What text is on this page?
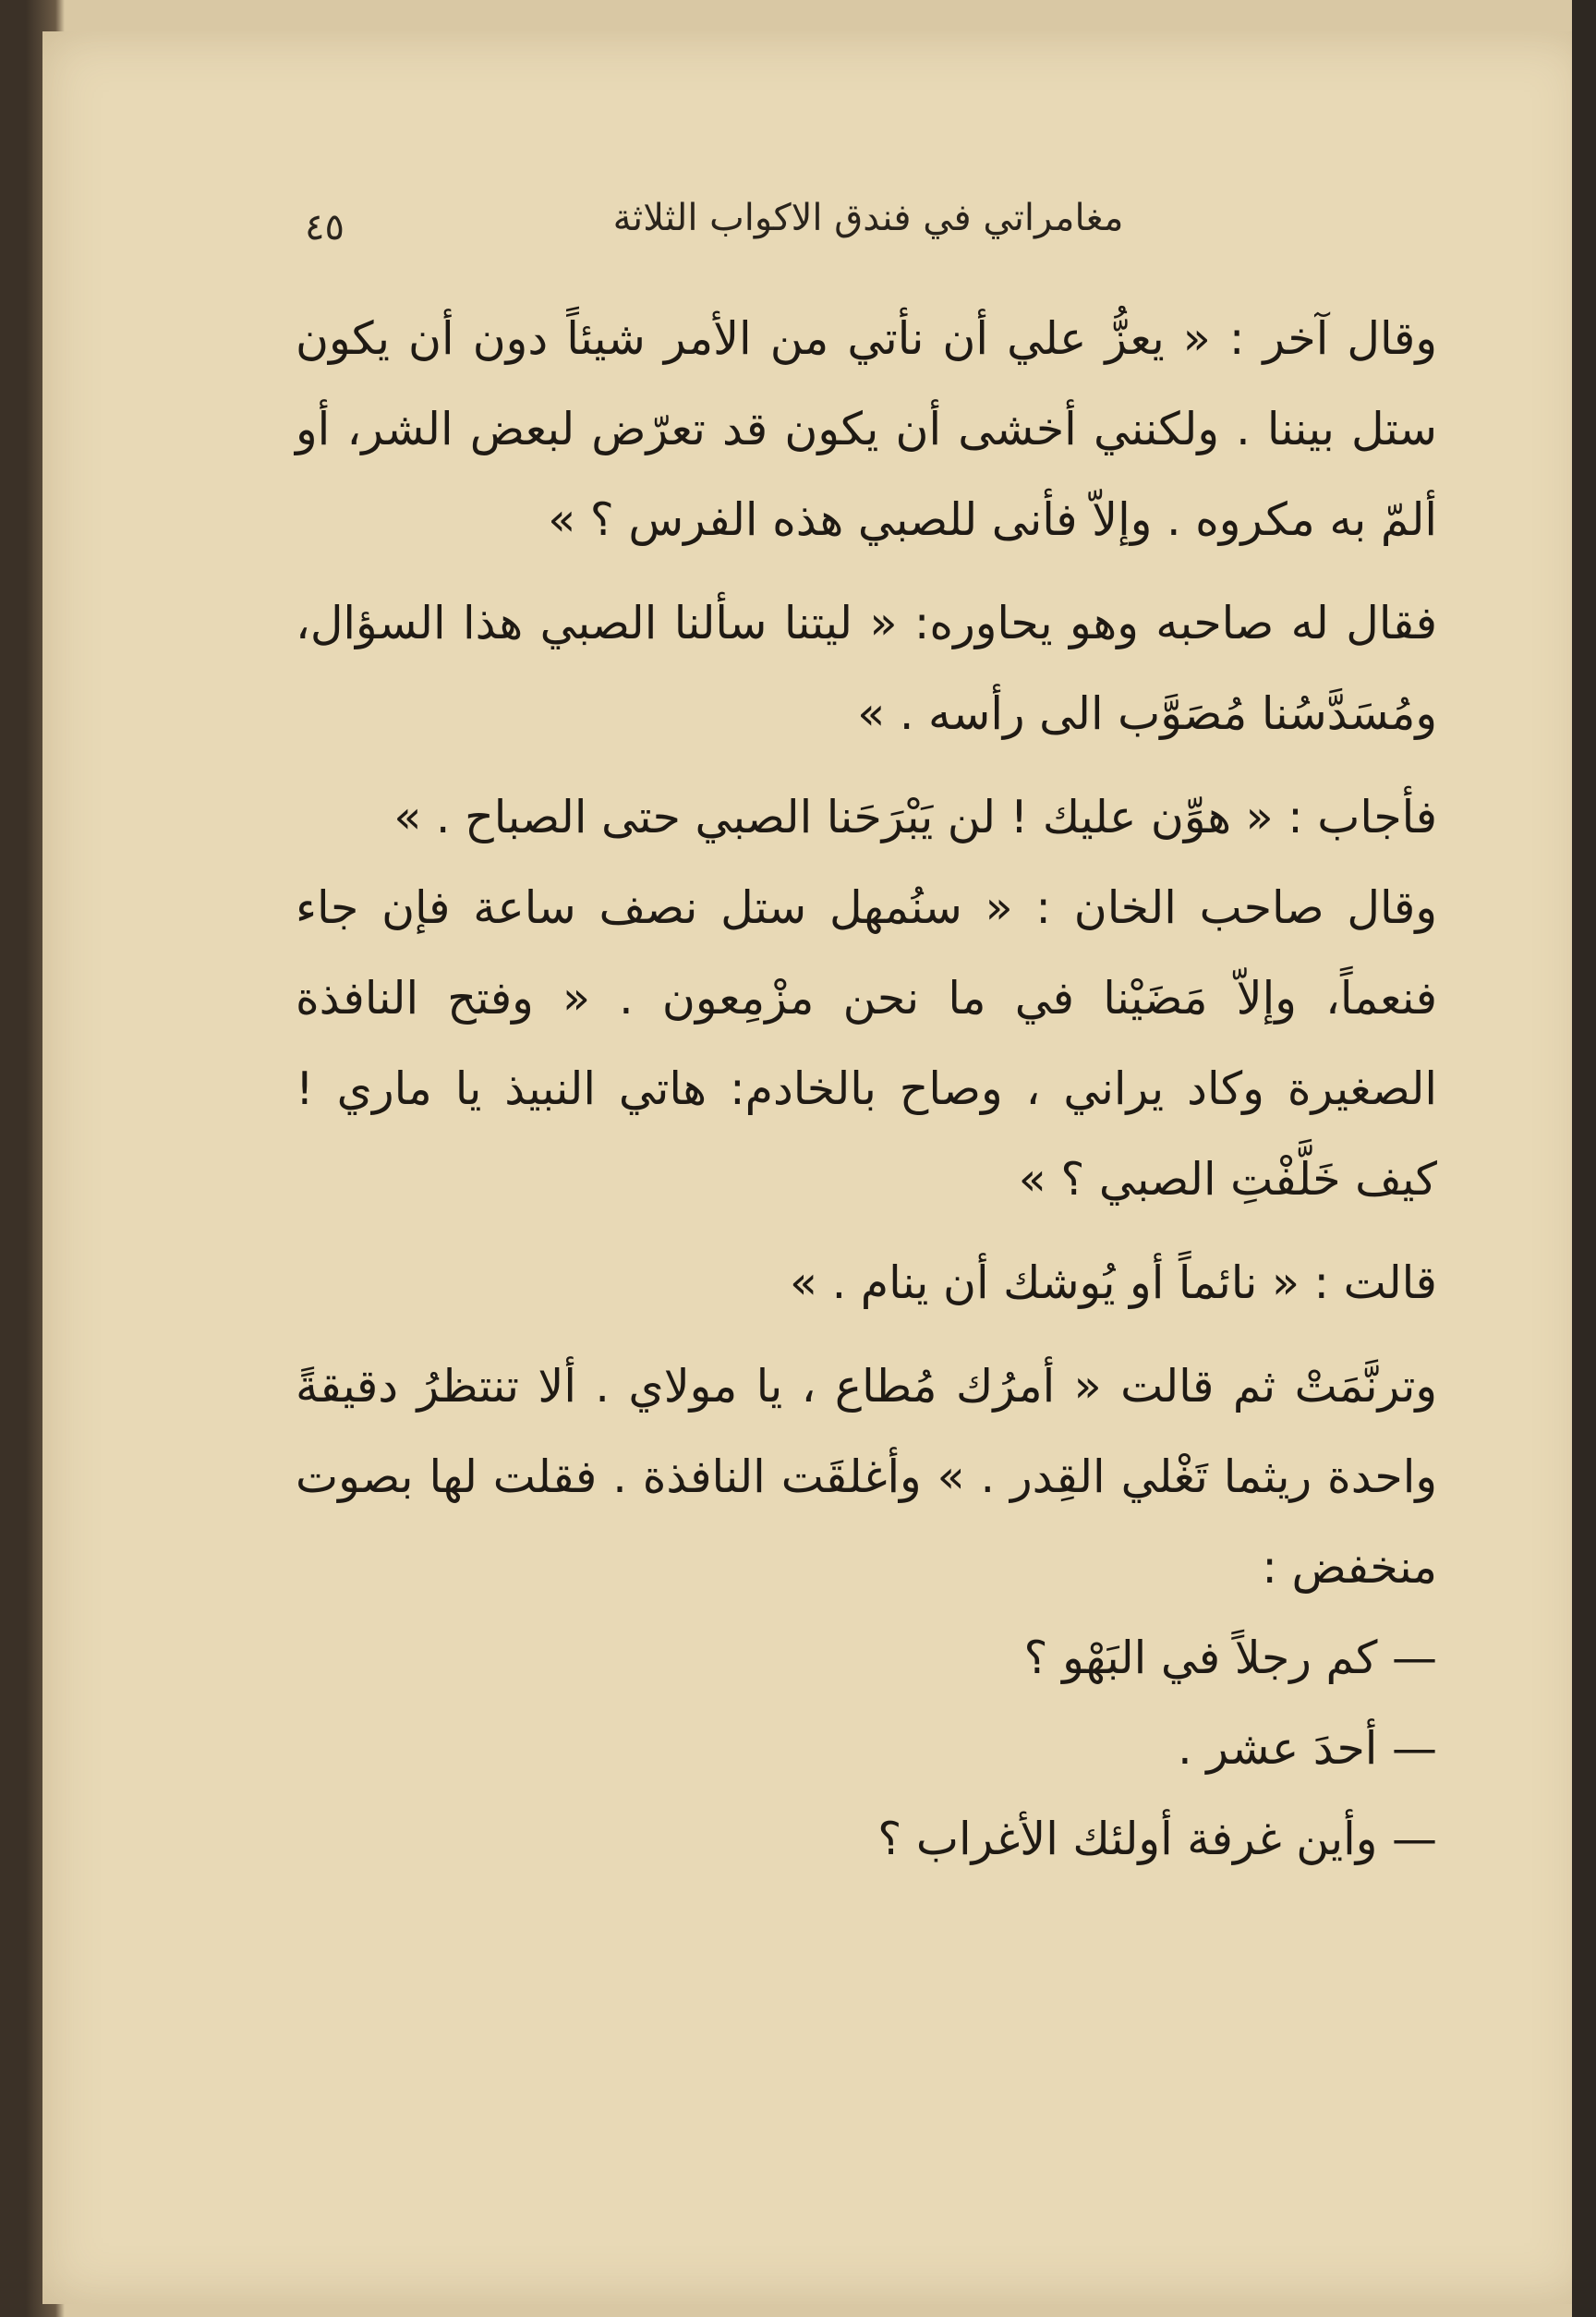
مغامراتي في فندق الاكواب الثلاثة
٤٥

وقال آخر : « يعزُّ علي أن نأتي من الأمر شيئاً دون أن يكون ستل بيننا . ولكنني أخشى أن يكون قد تعرّض لبعض الشر، أو ألمّ به مكروه . وإلاّ فأنى للصبي هذه الفرس ؟ »

فقال له صاحبه وهو يحاوره: « ليتنا سألنا الصبي هذا السؤال، ومُسَدَّسُنا مُصَوَّب الى رأسه . »

فأجاب : « هوِّن عليك ! لن يَبْرَحَنا الصبي حتى الصباح . »

وقال صاحب الخان : « سنُمهل ستل نصف ساعة فإن جاء فنعماً، وإلاّ مَضَيْنا في ما نحن مزْمِعون . « وفتح النافذة الصغيرة وكاد يراني ، وصاح بالخادم: هاتي النبيذ يا ماري ! كيف خَلَّفْتِ الصبي ؟ »

قالت : « نائماً أو يُوشك أن ينام . »

وترنَّمَتْ ثم قالت « أمرُك مُطاع ، يا مولاي . ألا تنتظرُ دقيقةً واحدة ريثما تَغْلي القِدر . » وأغلقَت النافذة . فقلت لها بصوت منخفض :

— كم رجلاً في البَهْو ؟

— أحدَ عشر .

— وأين غرفة أولئك الأغراب ؟
